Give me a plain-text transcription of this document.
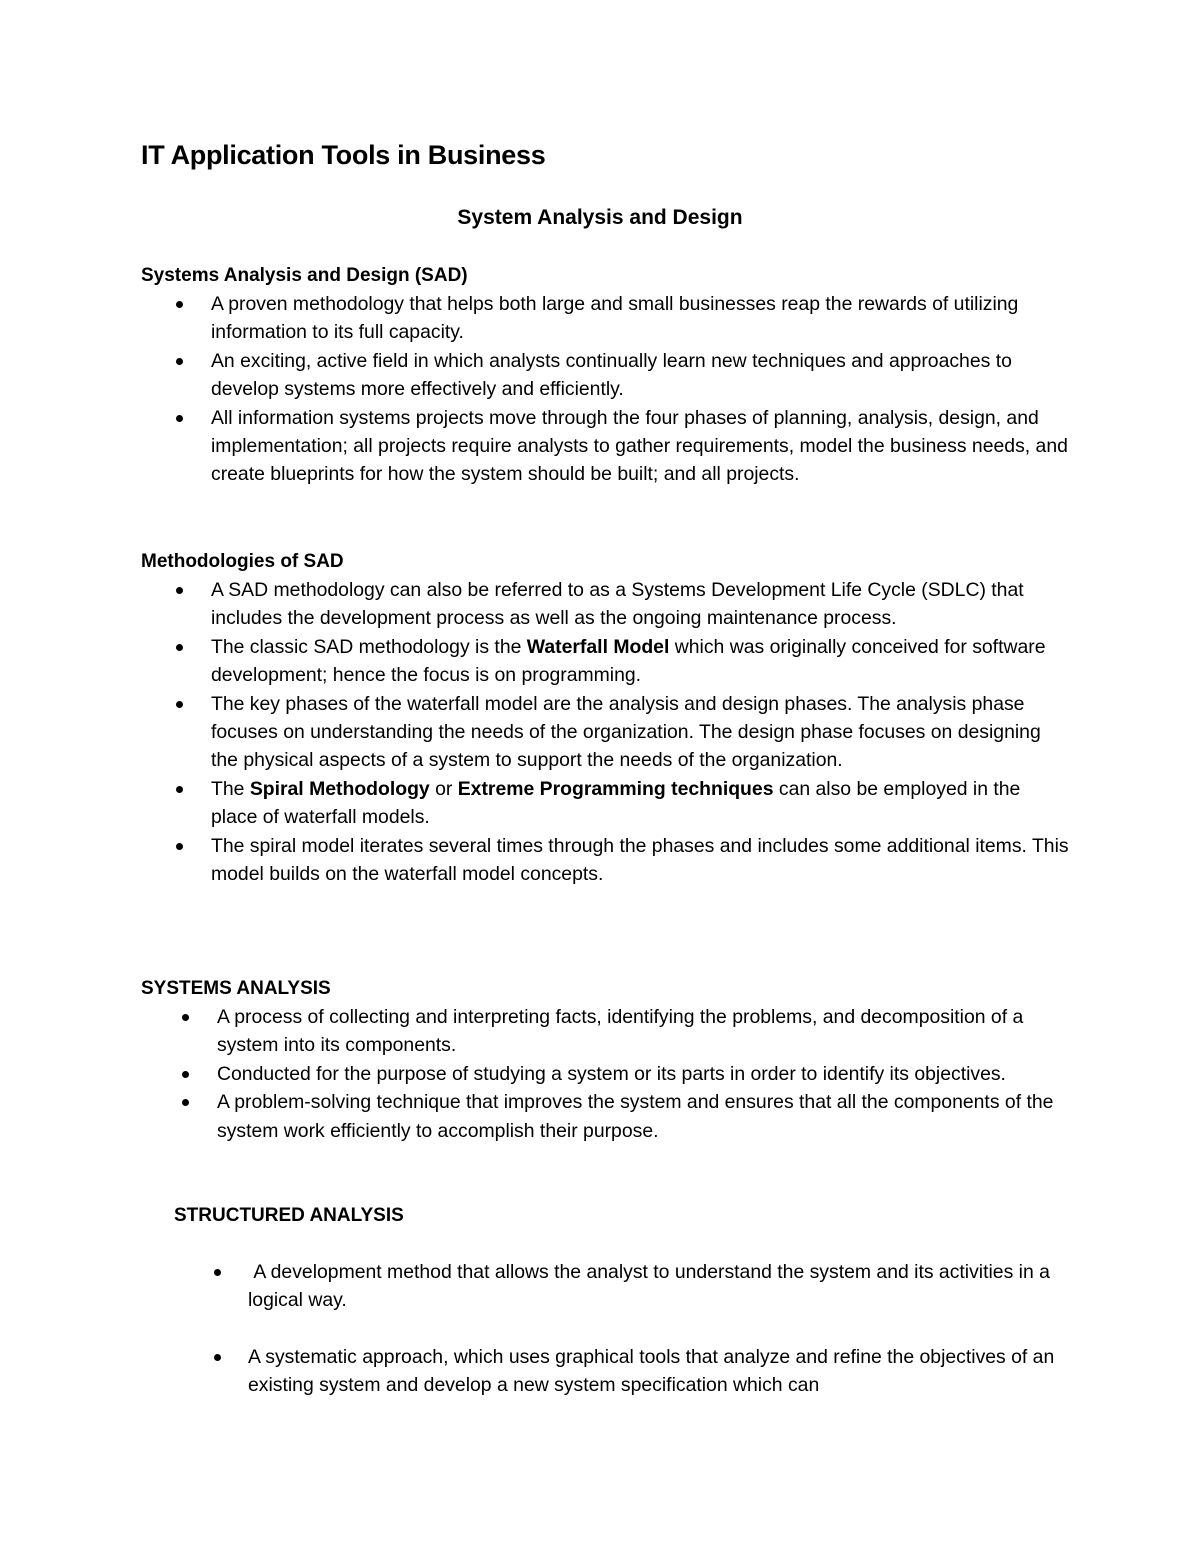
IT Application Tools in Business
System Analysis and Design
Systems Analysis and Design (SAD)
A proven methodology that helps both large and small businesses reap the rewards of utilizing information to its full capacity.
An exciting, active field in which analysts continually learn new techniques and approaches to develop systems more effectively and efficiently.
All information systems projects move through the four phases of planning, analysis, design, and implementation; all projects require analysts to gather requirements, model the business needs, and create blueprints for how the system should be built; and all projects.
Methodologies of SAD
A SAD methodology can also be referred to as a Systems Development Life Cycle (SDLC) that includes the development process as well as the ongoing maintenance process.
The classic SAD methodology is the Waterfall Model which was originally conceived for software development; hence the focus is on programming.
The key phases of the waterfall model are the analysis and design phases. The analysis phase focuses on understanding the needs of the organization. The design phase focuses on designing the physical aspects of a system to support the needs of the organization.
The Spiral Methodology or Extreme Programming techniques can also be employed in the place of waterfall models.
The spiral model iterates several times through the phases and includes some additional items. This model builds on the waterfall model concepts.
SYSTEMS ANALYSIS
A process of collecting and interpreting facts, identifying the problems, and decomposition of a system into its components.
Conducted for the purpose of studying a system or its parts in order to identify its objectives.
A problem-solving technique that improves the system and ensures that all the components of the system work efficiently to accomplish their purpose.
STRUCTURED ANALYSIS
A development method that allows the analyst to understand the system and its activities in a logical way.
A systematic approach, which uses graphical tools that analyze and refine the objectives of an existing system and develop a new system specification which can
